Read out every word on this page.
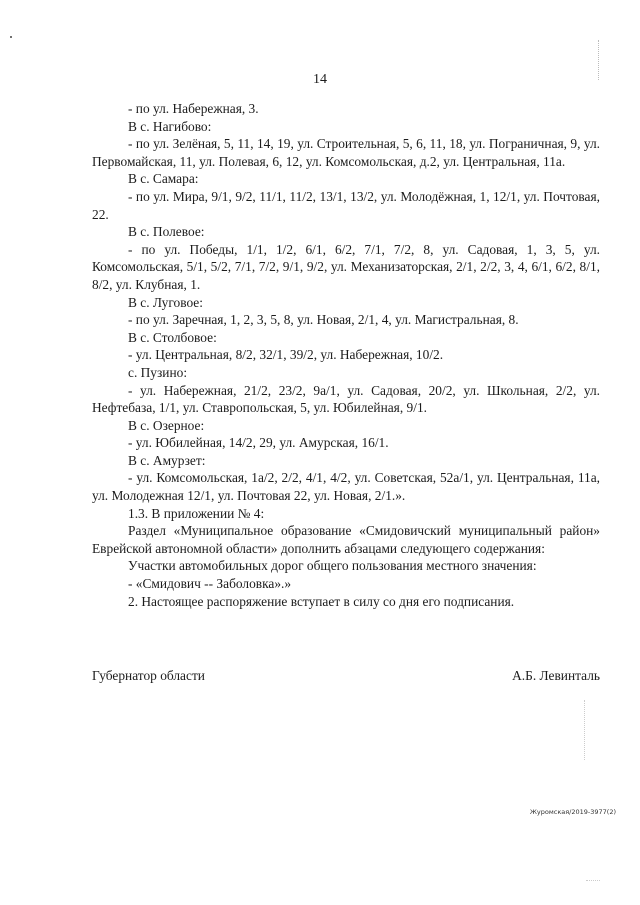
14

- по ул. Набережная, 3.

В с. Нагибово:

- по ул. Зелёная, 5, 11, 14, 19, ул. Строительная, 5, 6, 11, 18, ул. Пограничная, 9, ул. Первомайская, 11, ул. Полевая, 6, 12, ул. Комсомольская, д.2, ул. Центральная, 11а.

В с. Самара:

- по ул. Мира, 9/1, 9/2, 11/1, 11/2, 13/1, 13/2, ул. Молодёжная, 1, 12/1, ул. Почтовая, 22.

В с. Полевое:

- по ул. Победы, 1/1, 1/2, 6/1, 6/2, 7/1, 7/2, 8, ул. Садовая, 1, 3, 5, ул. Комсомольская, 5/1, 5/2, 7/1, 7/2, 9/1, 9/2, ул. Механизаторская, 2/1, 2/2, 3, 4, 6/1, 6/2, 8/1, 8/2, ул. Клубная, 1.

В с. Луговое:

- по ул. Заречная, 1, 2, 3, 5, 8, ул. Новая, 2/1, 4, ул. Магистральная, 8.

В с. Столбовое:

- ул. Центральная, 8/2, 32/1, 39/2, ул. Набережная, 10/2.

с. Пузино:

- ул. Набережная, 21/2, 23/2, 9а/1, ул. Садовая, 20/2, ул. Школьная, 2/2, ул. Нефтебаза, 1/1, ул. Ставропольская, 5, ул. Юбилейная, 9/1.

В с. Озерное:

- ул. Юбилейная, 14/2, 29, ул. Амурская, 16/1.

В с. Амурзет:

- ул. Комсомольская, 1а/2, 2/2, 4/1, 4/2, ул. Советская, 52а/1, ул. Центральная, 11а, ул. Молодежная 12/1, ул. Почтовая 22, ул. Новая, 2/1.».

1.3. В приложении № 4:

Раздел «Муниципальное образование «Смидовичский муниципальный район» Еврейской автономной области» дополнить абзацами следующего содержания:

Участки автомобильных дорог общего пользования местного значения:

- «Смидович -- Заболовка».»

2. Настоящее распоряжение вступает в силу со дня его подписания.

Губернатор области	А.Б. Левинталь
Журомская/2019-3977(2)
